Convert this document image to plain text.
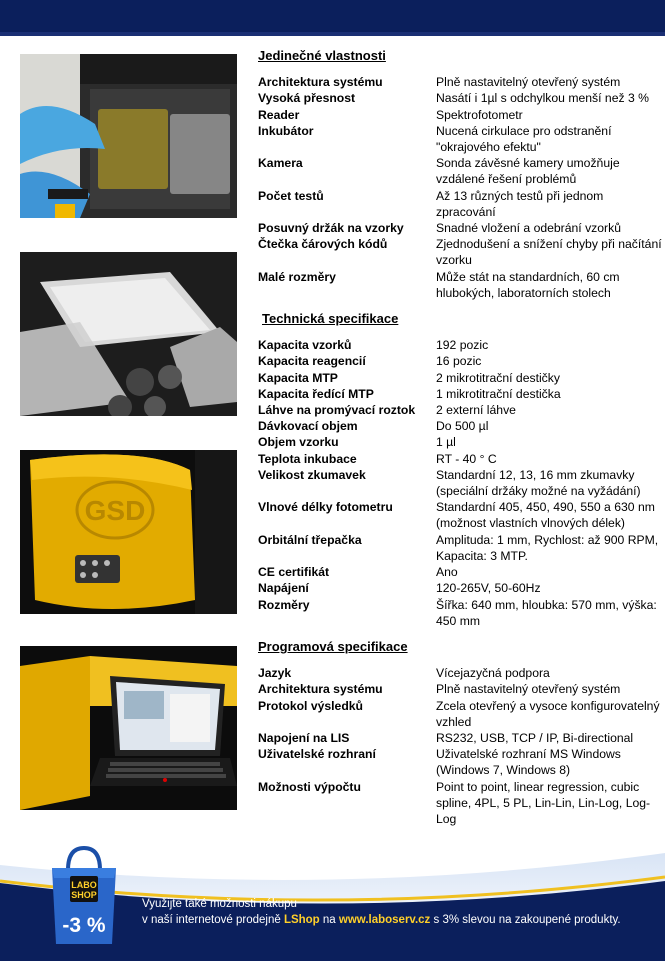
GSD
Jedinečné vlastnosti
Architektura systému	Plně nastavitelný otevřený systém
Vysoká přesnost	Nasátí i 1µl s odchylkou menší než 3 %
Reader	Spektrofotometr
Inkubátor	Nucená cirkulace pro odstranění "okrajového efektu"
Kamera	Sonda závěsné kamery umožňuje vzdálené řešení problémů
Počet testů	Až 13 různých testů při jednom zpracování
Posuvný držák na vzorky	Snadné vložení a odebrání vzorků
Čtečka čárových kódů	Zjednodušení a snížení chyby při načítání vzorku
Malé rozměry	Může stát na standardních, 60 cm hlubokých, laboratorních stolech
Technická specifikace
Kapacita vzorků	192 pozic
Kapacita reagencií	16 pozic
Kapacita MTP	2 mikrotitrační destičky
Kapacita ředící MTP	1 mikrotitrační destička
Láhve na promývací roztok	2 externí láhve
Dávkovací objem	Do 500 µl
Objem vzorku	1 µl
Teplota inkubace	RT - 40 ° C
Velikost zkumavek	Standardní 12, 13, 16 mm zkumavky (speciální držáky možné na vyžádání)
Vlnové délky fotometru	Standardní 405, 450, 490, 550 a 630 nm (možnost vlastních vlnových délek)
Orbitální třepačka	Amplituda: 1 mm, Rychlost: až 900 RPM, Kapacita: 3 MTP.
CE certifikát	Ano
Napájení	120-265V, 50-60Hz
Rozměry	Šířka: 640 mm, hloubka: 570 mm, výška: 450 mm
Programová specifikace
Jazyk	Vícejazyčná podpora
Architektura systému	Plně nastavitelný otevřený systém
Protokol výsledků	Zcela otevřený a vysoce konfigurovatelný vzhled
Napojení na LIS	RS232, USB, TCP / IP, Bi-directional
Uživatelské rozhraní	Uživatelské rozhraní MS Windows (Windows 7, Windows 8)
Možnosti výpočtu	Point to point, linear regression, cubic spline, 4PL, 5 PL, Lin-Lin, Lin-Log, Log-Log
LABO
SHOP
-3 %
Využijte také možnosti nákupu
v naší internetové prodejně LShop na www.laboserv.cz s 3% slevou na zakoupené produkty.
